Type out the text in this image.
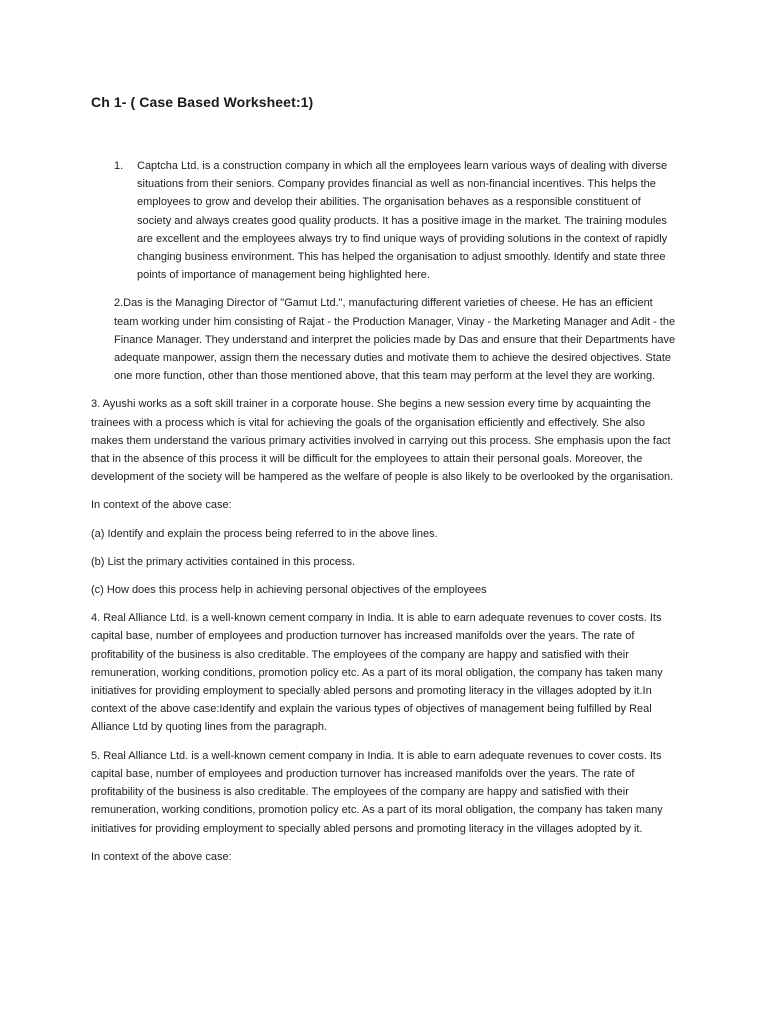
Ch 1- ( Case Based Worksheet:1)
1. Captcha Ltd. is a construction company in which all the employees learn various ways of dealing with diverse situations from their seniors. Company provides financial as well as non-financial incentives. This helps the employees to grow and develop their abilities. The organisation behaves as a responsible constituent of society and always creates good quality products. It has a positive image in the market. The training modules are excellent and the employees always try to find unique ways of providing solutions in the context of rapidly changing business environment. This has helped the organisation to adjust smoothly. Identify and state three points of importance of management being highlighted here.

2.Das is the Managing Director of "Gamut Ltd.", manufacturing different varieties of cheese. He has an efficient team working under him consisting of Rajat - the Production Manager, Vinay - the Marketing Manager and Adit - the Finance Manager. They understand and interpret the policies made by Das and ensure that their Departments have adequate manpower, assign them the necessary duties and motivate them to achieve the desired objectives. State one more function, other than those mentioned above, that this team may perform at the level they are working.

3. Ayushi works as a soft skill trainer in a corporate house. She begins a new session every time by acquainting the trainees with a process which is vital for achieving the goals of the organisation efficiently and effectively. She also makes them understand the various primary activities involved in carrying out this process. She emphasis upon the fact that in the absence of this process it will be difficult for the employees to attain their personal goals. Moreover, the development of the society will be hampered as the welfare of people is also likely to be overlooked by the organisation.

In context of the above case:

(a) Identify and explain the process being referred to in the above lines.

(b) List the primary activities contained in this process.

(c) How does this process help in achieving personal objectives of the employees

4. Real Alliance Ltd. is a well-known cement company in India. It is able to earn adequate revenues to cover costs. Its capital base, number of employees and production turnover has increased manifolds over the years. The rate of profitability of the business is also creditable. The employees of the company are happy and satisfied with their remuneration, working conditions, promotion policy etc. As a part of its moral obligation, the company has taken many initiatives for providing employment to specially abled persons and promoting literacy in the villages adopted by it.In context of the above case:Identify and explain the various types of objectives of management being fulfilled by Real Alliance Ltd by quoting lines from the paragraph.

5. Real Alliance Ltd. is a well-known cement company in India. It is able to earn adequate revenues to cover costs. Its capital base, number of employees and production turnover has increased manifolds over the years. The rate of profitability of the business is also creditable. The employees of the company are happy and satisfied with their remuneration, working conditions, promotion policy etc. As a part of its moral obligation, the company has taken many initiatives for providing employment to specially abled persons and promoting literacy in the villages adopted by it.

In context of the above case:
